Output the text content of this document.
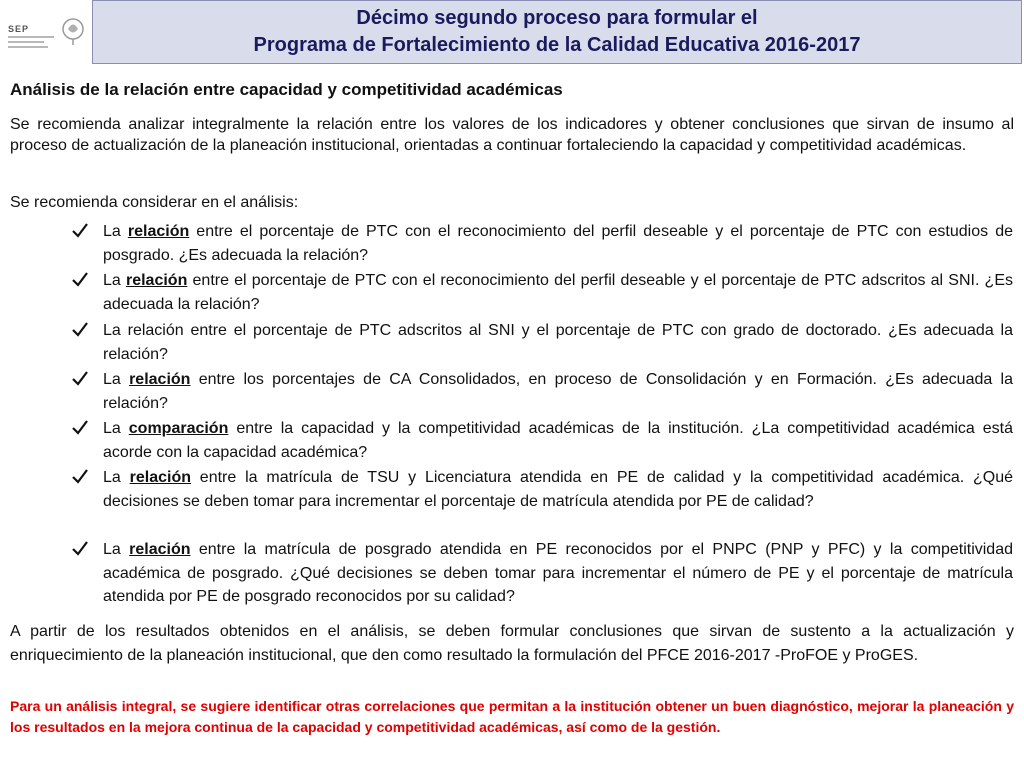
SEP	Décimo segundo proceso para formular el
Programa de Fortalecimiento de la Calidad Educativa 2016-2017
Análisis de la relación entre capacidad y competitividad académicas
Se recomienda analizar integralmente la relación entre los valores de los indicadores y obtener conclusiones que sirvan de insumo al proceso de actualización de la planeación institucional, orientadas a continuar fortaleciendo la capacidad y competitividad académicas.
Se recomienda considerar en el análisis:
La relación entre el porcentaje de PTC con el reconocimiento del perfil deseable y el porcentaje de PTC con estudios de posgrado. ¿Es adecuada la relación?
La relación entre el porcentaje de PTC con el reconocimiento del perfil deseable y el porcentaje de PTC adscritos al SNI. ¿Es adecuada la relación?
La relación entre el porcentaje de PTC adscritos al SNI y el porcentaje de PTC con grado de doctorado. ¿Es adecuada la relación?
La relación entre los porcentajes de CA Consolidados, en proceso de Consolidación y en Formación. ¿Es adecuada la relación?
La comparación entre la capacidad y la competitividad académicas de la institución. ¿La competitividad académica está acorde con la capacidad académica?
La relación entre la matrícula de TSU y Licenciatura atendida en PE de calidad y la competitividad académica. ¿Qué decisiones se deben tomar para incrementar el porcentaje de matrícula atendida por PE de calidad?
La relación entre la matrícula de posgrado atendida en PE reconocidos por el PNPC (PNP y PFC) y la competitividad académica de posgrado. ¿Qué decisiones se deben tomar para incrementar el número de PE y el porcentaje de matrícula atendida por PE de posgrado reconocidos por su calidad?
A partir de los resultados obtenidos en el análisis, se deben formular conclusiones que sirvan de sustento a la actualización y enriquecimiento de la planeación institucional, que den como resultado la formulación del PFCE 2016-2017 -ProFOE y ProGES.
Para un análisis integral, se sugiere identificar otras correlaciones que permitan a la institución obtener un buen diagnóstico, mejorar la planeación y los resultados en la mejora continua de la capacidad y competitividad académicas, así como de la gestión.
